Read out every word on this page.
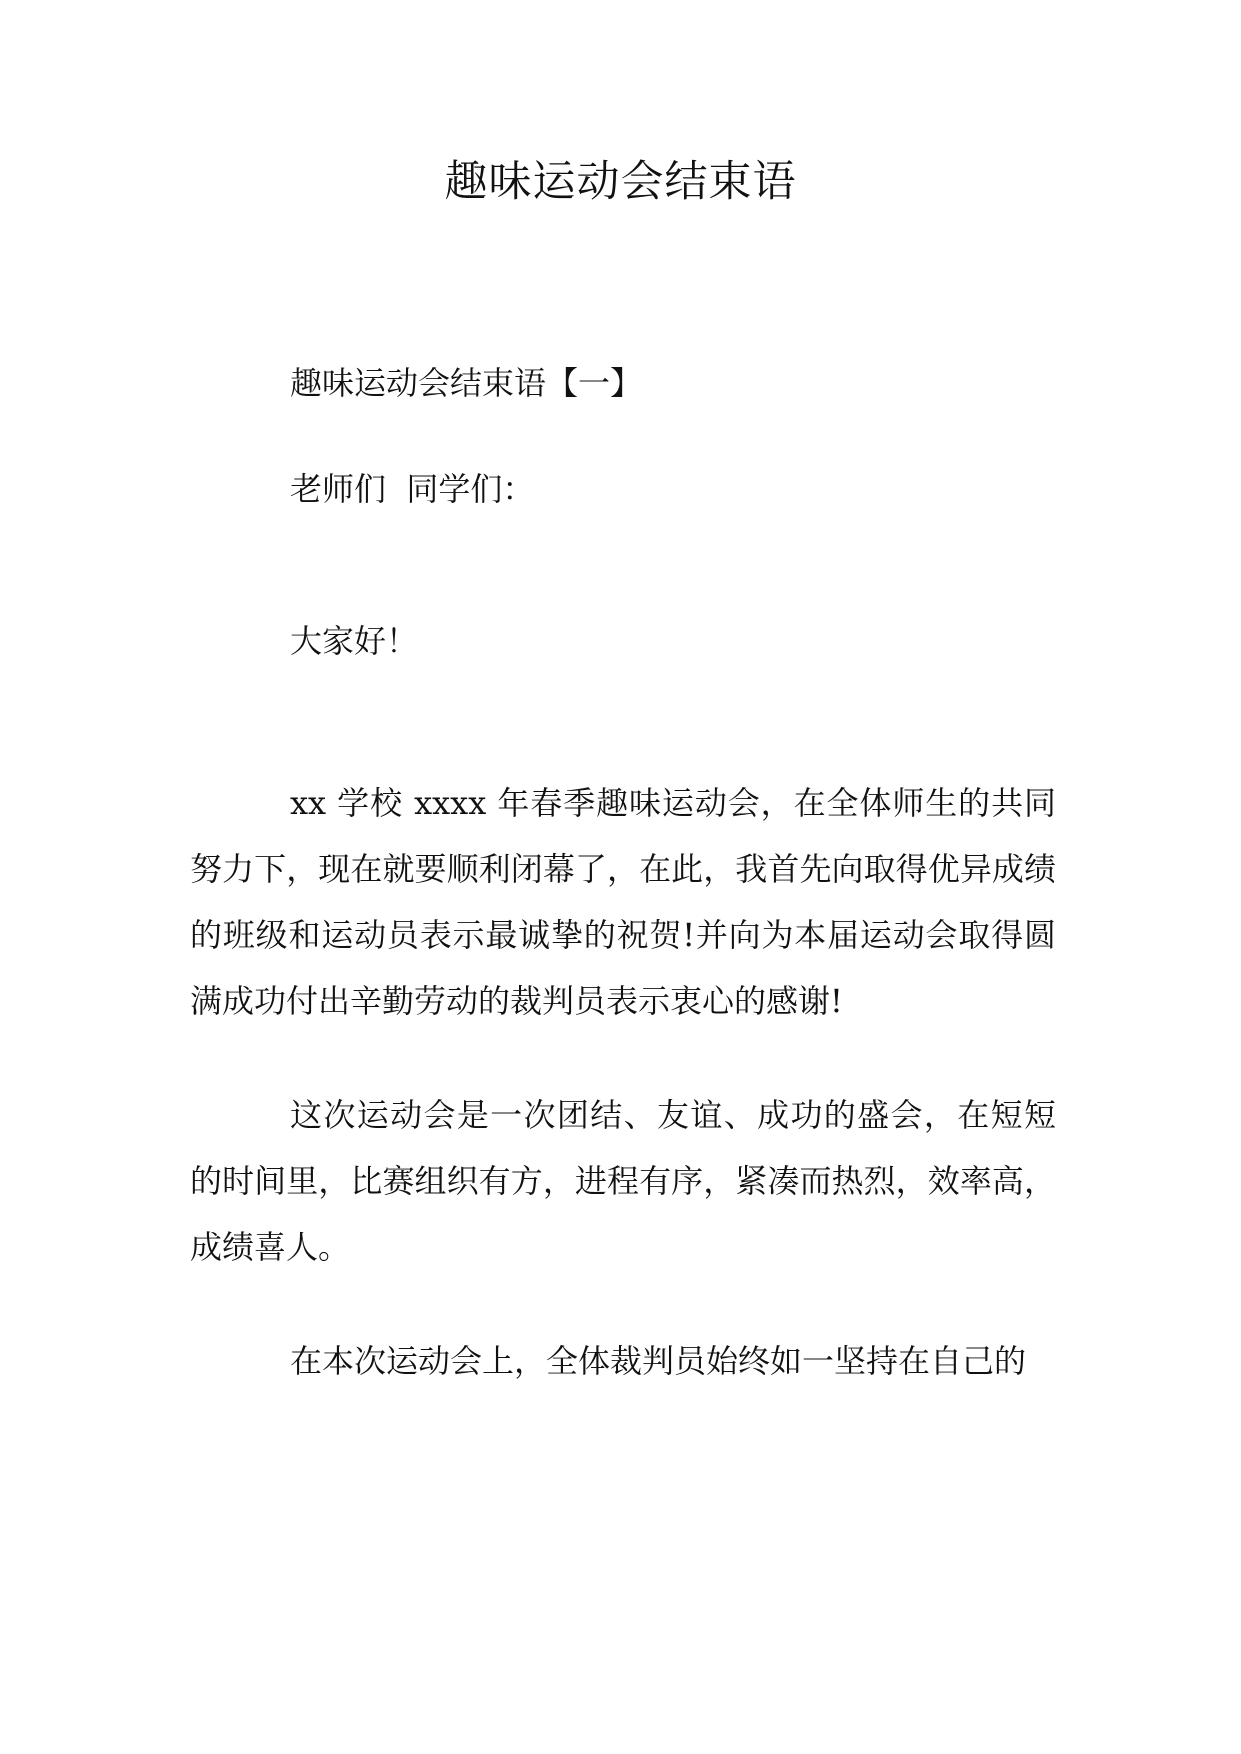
趣味运动会结束语

趣味运动会结束语【一】

老师们  同学们：

大家好！

xx 学校 xxxx 年春季趣味运动会，在全体师生的共同努力下，现在就要顺利闭幕了，在此，我首先向取得优异成绩的班级和运动员表示最诚挚的祝贺!并向为本届运动会取得圆满成功付出辛勤劳动的裁判员表示衷心的感谢!

这次运动会是一次团结、友谊、成功的盛会，在短短的时间里，比赛组织有方，进程有序，紧凑而热烈，效率高，成绩喜人。

在本次运动会上，全体裁判员始终如一坚持在自己的
